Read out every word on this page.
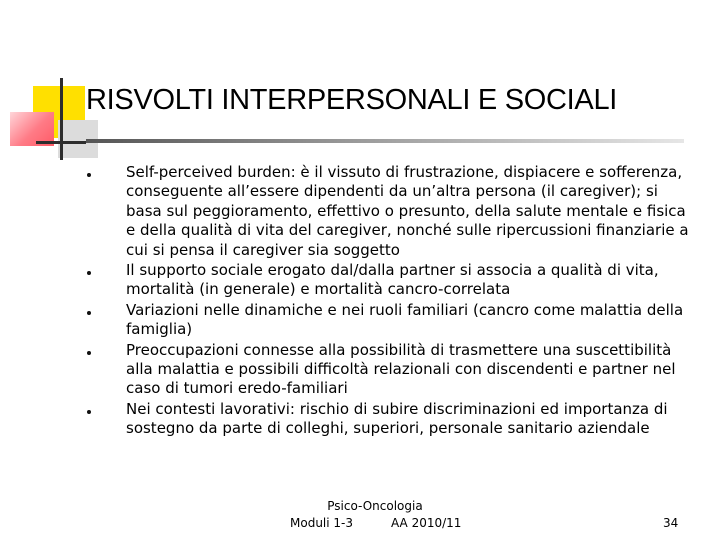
RISVOLTI INTERPERSONALI E SOCIALI
Self-perceived burden: è il vissuto di frustrazione, dispiacere e sofferenza, conseguente all’essere dipendenti da un’altra persona (il caregiver); si basa sul peggioramento, effettivo o presunto, della salute mentale e fisica e della qualità di vita del caregiver, nonché sulle ripercussioni finanziarie a cui si pensa il caregiver sia soggetto
Il supporto sociale erogato dal/dalla partner si associa a qualità di vita, mortalità (in generale) e mortalità cancro-correlata
Variazioni nelle dinamiche e nei ruoli familiari (cancro come malattia della famiglia)
Preoccupazioni connesse alla possibilità di trasmettere una suscettibilità alla malattia e possibili difficoltà relazionali con discendenti e partner nel caso di tumori eredo-familiari
Nei contesti lavorativi: rischio di subire discriminazioni ed importanza di sostegno da parte di colleghi, superiori, personale sanitario aziendale
Psico-Oncologia
Moduli 1-3	AA 2010/11	34
